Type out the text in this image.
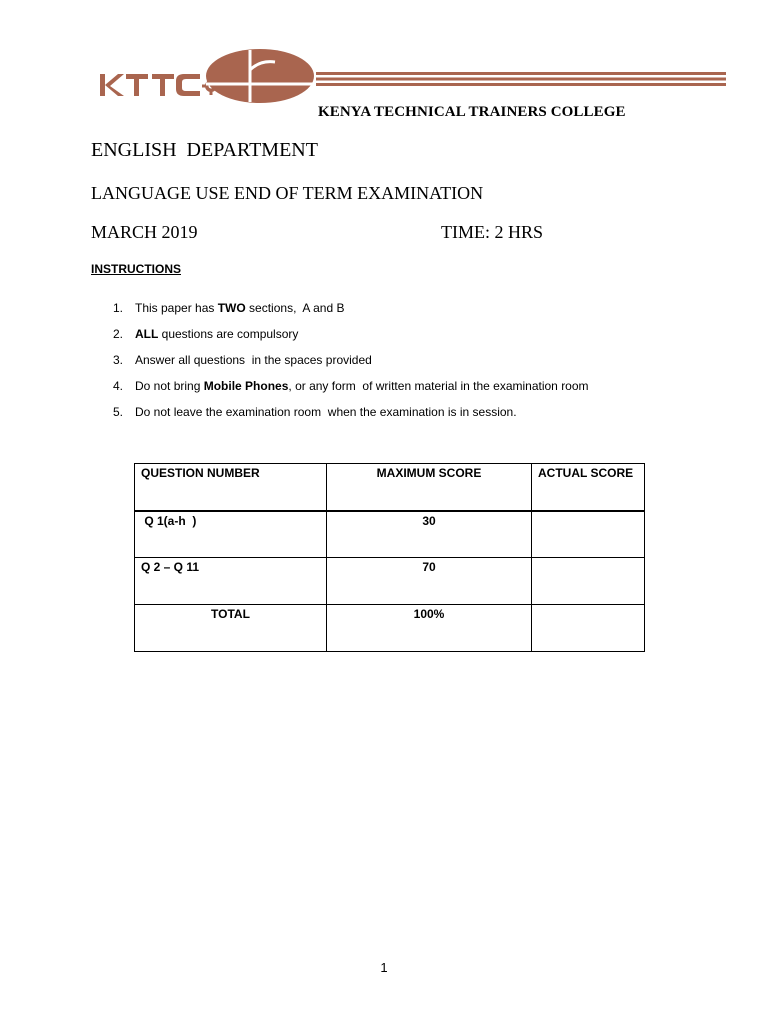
KENYA TECHNICAL TRAINERS COLLEGE
ENGLISH  DEPARTMENT
LANGUAGE USE END OF TERM EXAMINATION
MARCH 2019	TIME: 2 HRS
INSTRUCTIONS
1. This paper has TWO sections,  A and B
2. ALL questions are compulsory
3. Answer all questions  in the spaces provided
4. Do not bring Mobile Phones, or any form  of written material in the examination room
5. Do not leave the examination room  when the examination is in session.
QUESTION NUMBER	MAXIMUM SCORE	ACTUAL SCORE
Q 1(a-h  )	30	
Q 2 – Q 11	70	
TOTAL	100%	
1
